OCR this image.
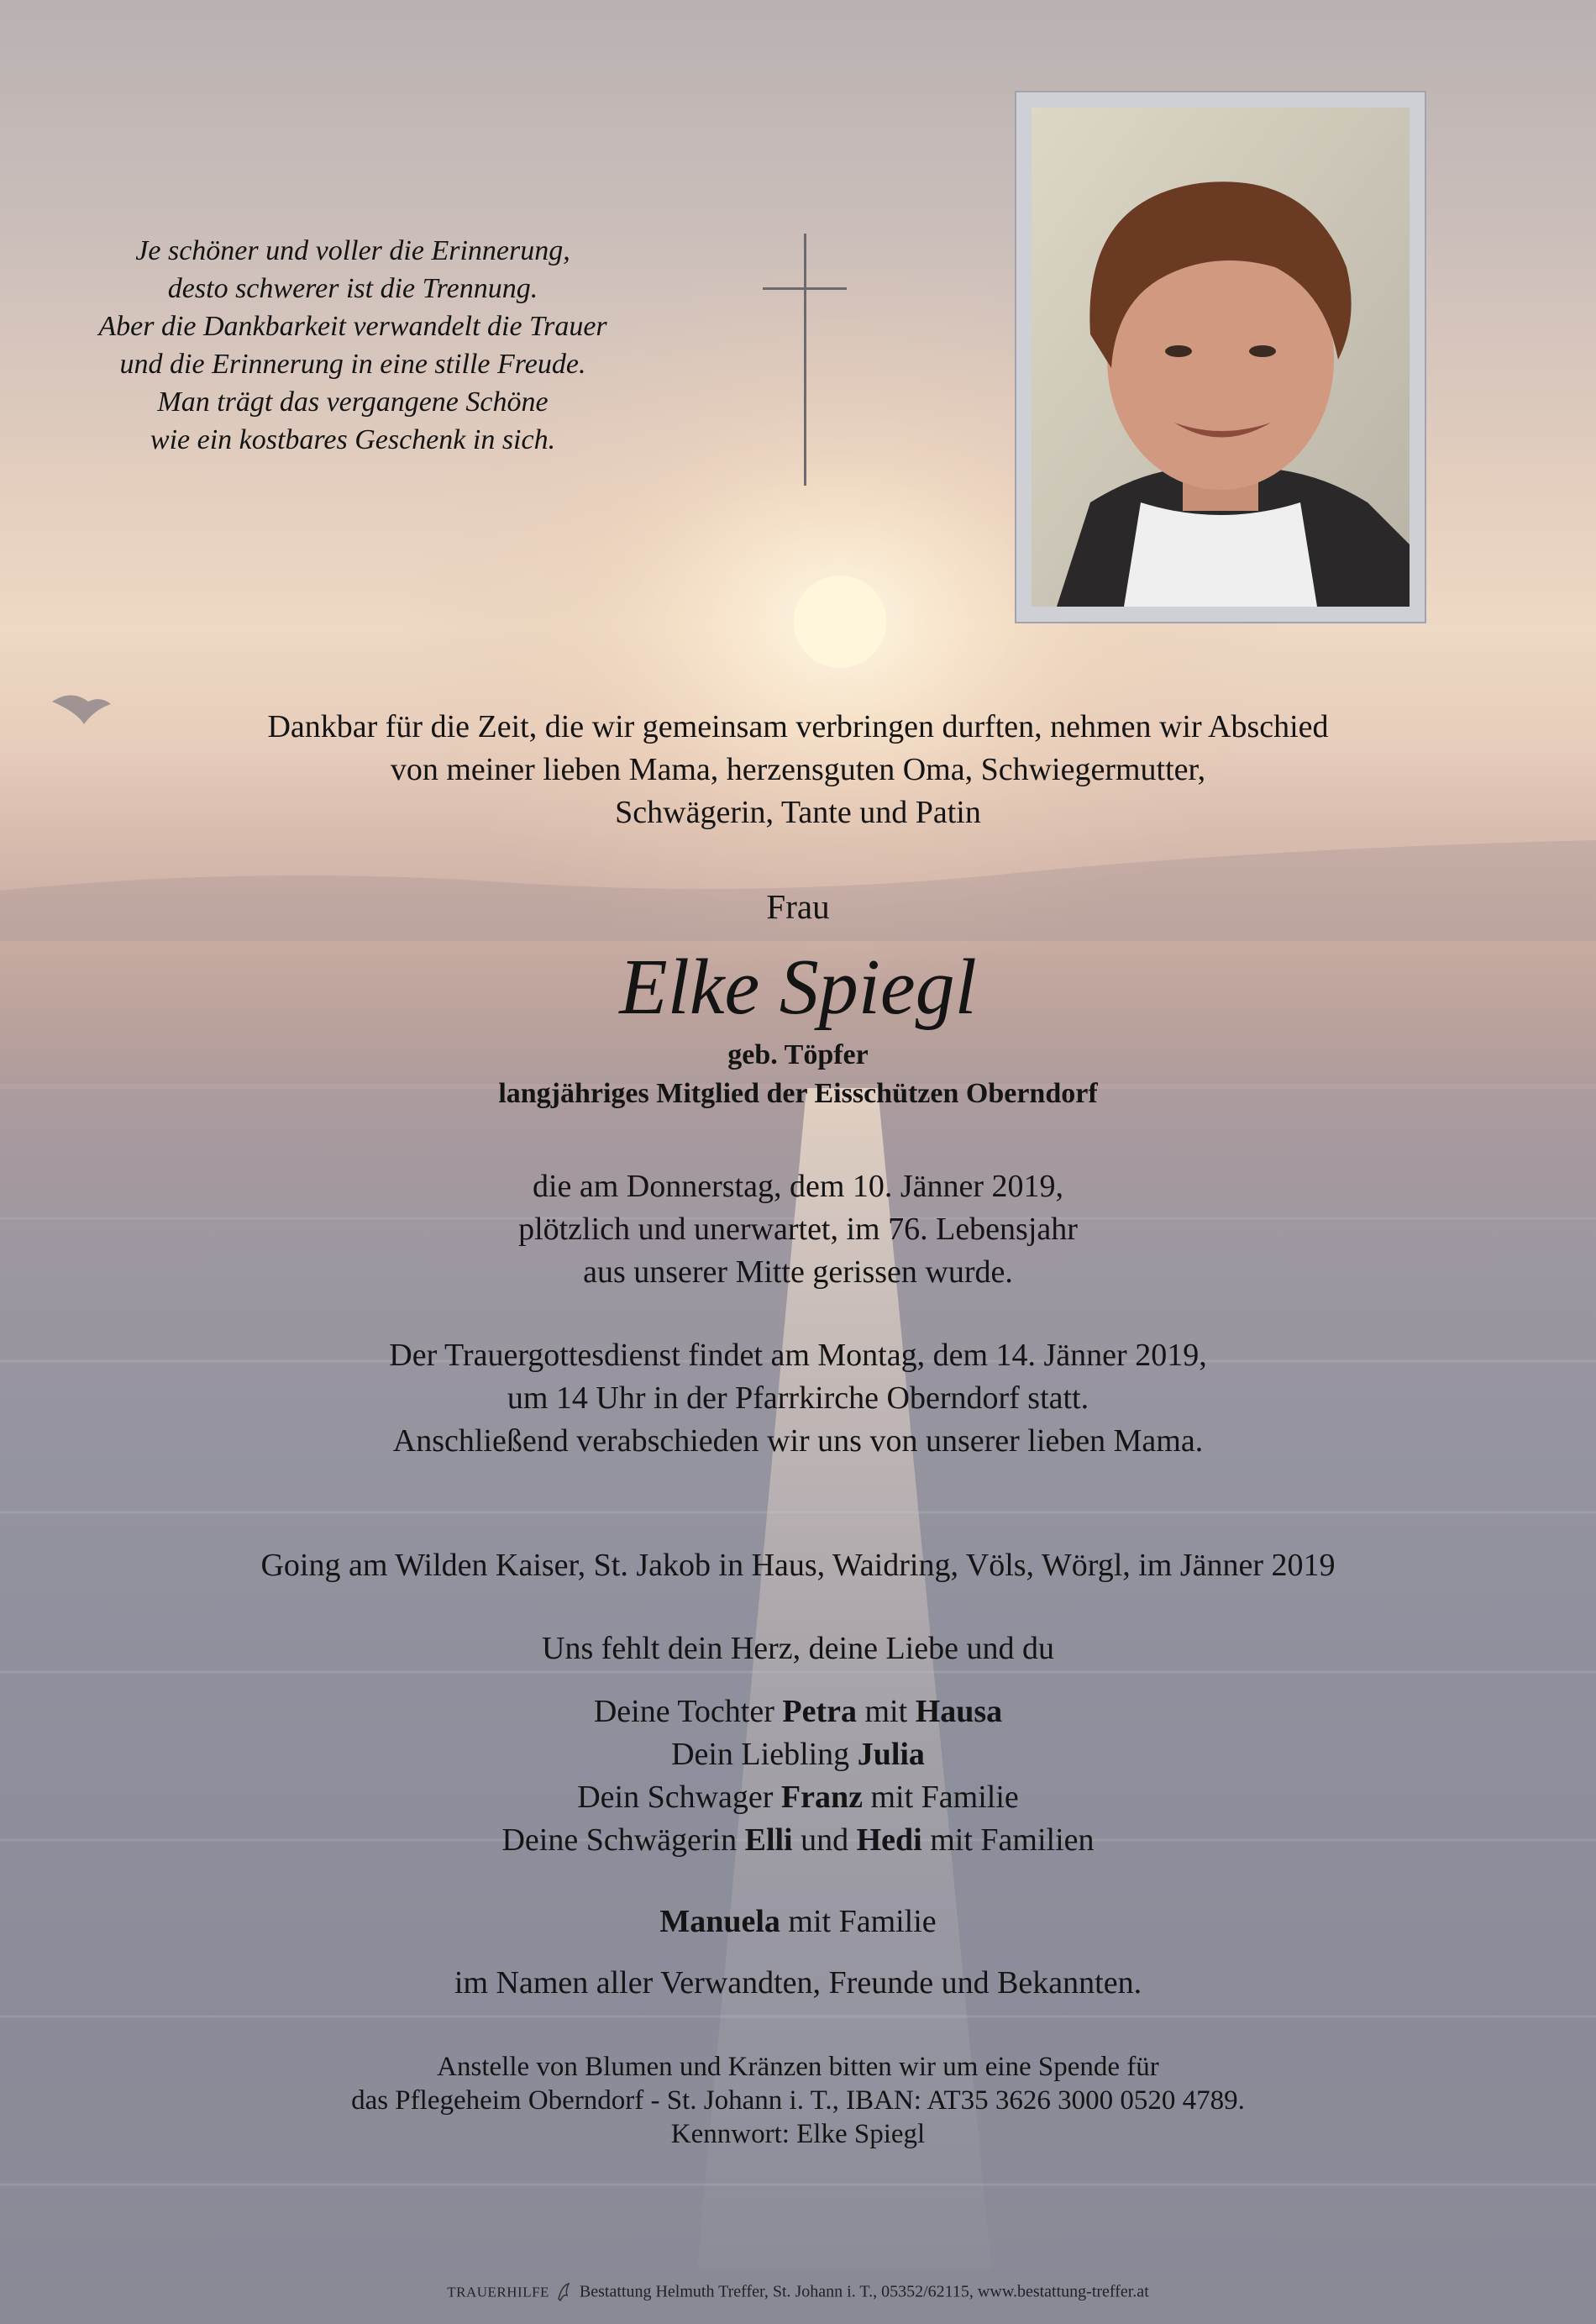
Je schöner und voller die Erinnerung,
desto schwerer ist die Trennung.
Aber die Dankbarkeit verwandelt die Trauer
und die Erinnerung in eine stille Freude.
Man trägt das vergangene Schöne
wie ein kostbares Geschenk in sich.
Dankbar für die Zeit, die wir gemeinsam verbringen durften, nehmen wir Abschied
von meiner lieben Mama, herzensguten Oma, Schwiegermutter,
Schwägerin, Tante und Patin
Frau
Elke Spiegl
geb. Töpfer
langjähriges Mitglied der Eisschützen Oberndorf
die am Donnerstag, dem 10. Jänner 2019,
plötzlich und unerwartet, im 76. Lebensjahr
aus unserer Mitte gerissen wurde.
Der Trauergottesdienst findet am Montag, dem 14. Jänner 2019,
um 14 Uhr in der Pfarrkirche Oberndorf statt.
Anschließend verabschieden wir uns von unserer lieben Mama.
Going am Wilden Kaiser, St. Jakob in Haus, Waidring, Völs, Wörgl, im Jänner 2019
Uns fehlt dein Herz, deine Liebe und du
Deine Tochter Petra mit Hausa
Dein Liebling Julia
Dein Schwager Franz mit Familie
Deine Schwägerin Elli und Hedi mit Familien
Manuela mit Familie
im Namen aller Verwandten, Freunde und Bekannten.
Anstelle von Blumen und Kränzen bitten wir um eine Spende für
das Pflegeheim Oberndorf - St. Johann i. T., IBAN: AT35 3626 3000 0520 4789.
Kennwort: Elke Spiegl
TRAUERHILFE Bestattung Helmuth Treffer, St. Johann i. T., 05352/62115, www.bestattung-treffer.at
